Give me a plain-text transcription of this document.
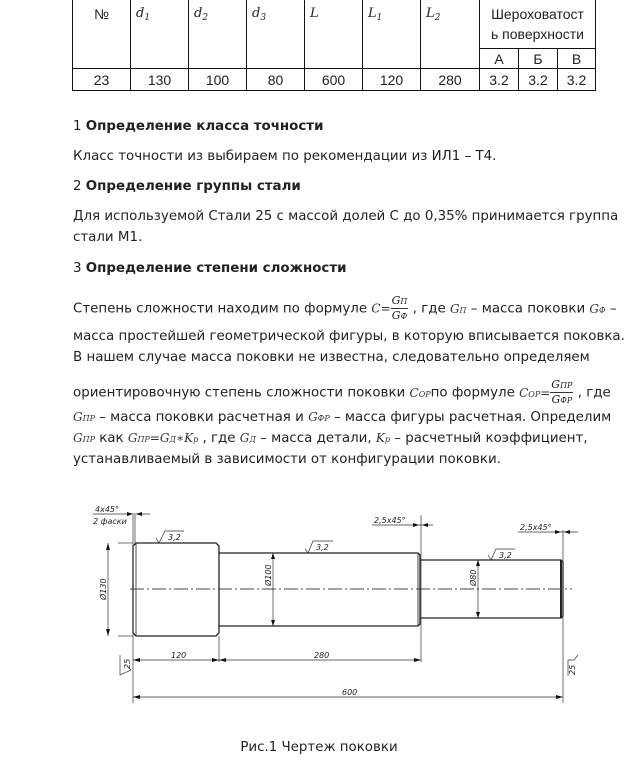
№	$d_1$	$d_2$	$d_3$	L	$L_1$	$L_2$	Шероховатост
ь поверхности		

							А	Б	В
23	130	100	80	600	120	280	3.2	3.2	3.2
1 Определение класса точности
Класс точности из выбираем по рекомендации из ИЛ1 – Т4.
2 Определение группы стали
Для используемой Стали 25 с массой долей С до 0,35% принимается группа
стали М1.
3 Определение степени сложности
Степень сложности находим по формуле $C= \frac{GП}{GФ}$ , где GП – масса поковки GФ –
масса простейшей геометрической фигуры, в которую вписывается поковка.
В нашем случае масса поковки не известна, следовательно определяем
ориентировочную степень сложности поковки CОРпо формуле $CОР= \frac{\text{GПР}}{\text{GФР}}$ , где
GПР – масса поковки расчетная и GФР – масса фигуры расчетная. Определим
GПР как GПР=GД∗Kр , где GД – масса детали, Kр – расчетный коэффициент,
устанавливаемый в зависимости от конфигурации поковки.
4x45°
2 фаски	2,5x45°
2,5x45°
3,2
3,2
3,2
Ø130
Ø100	Ø80
120	280
600
25
25
Рис.1 Чертеж поковки
